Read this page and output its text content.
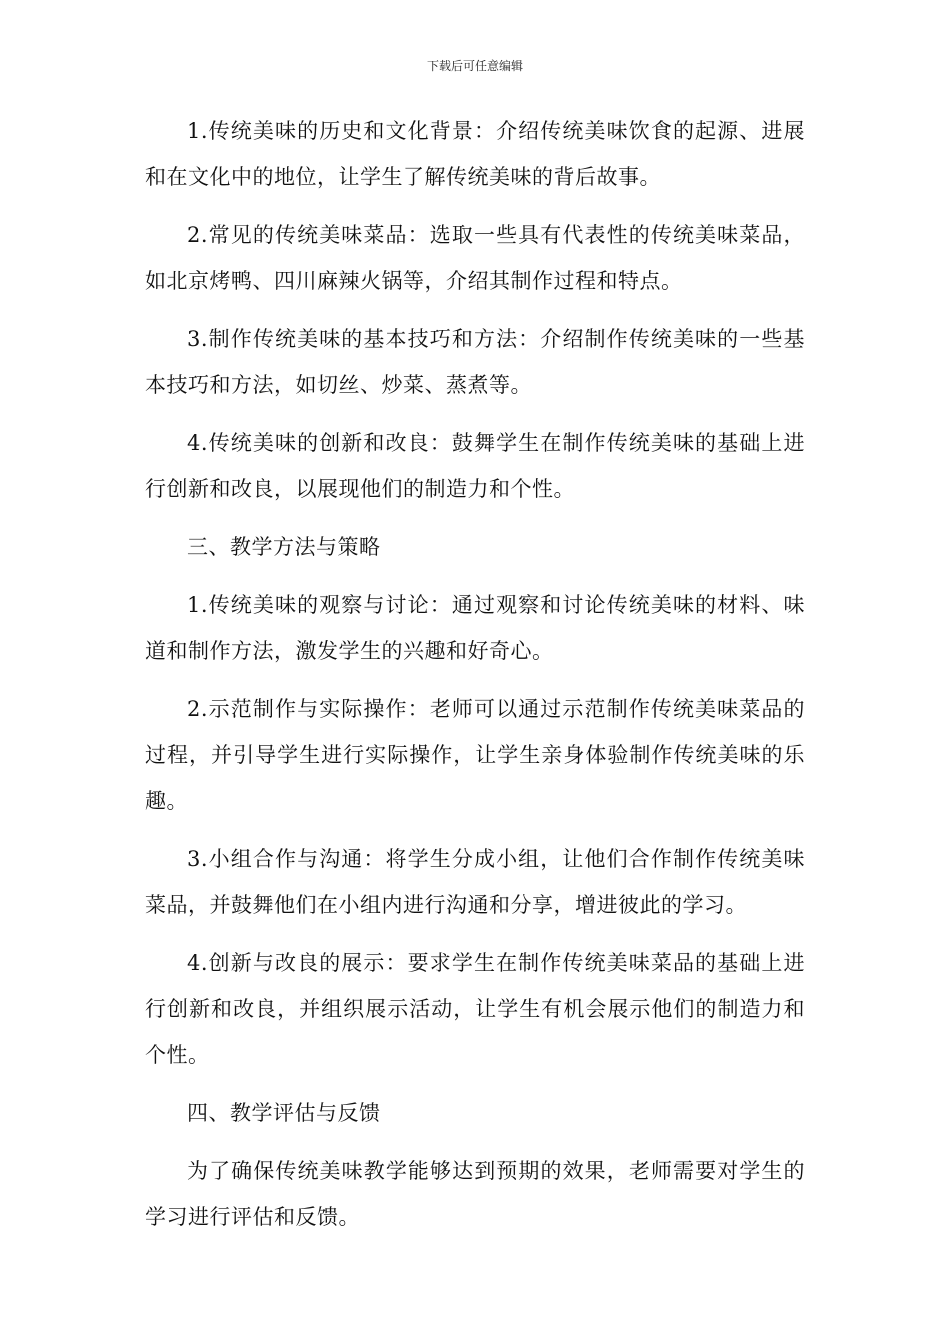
下载后可任意编辑

1.传统美味的历史和文化背景：介绍传统美味饮食的起源、进展和在文化中的地位，让学生了解传统美味的背后故事。

2.常见的传统美味菜品：选取一些具有代表性的传统美味菜品，如北京烤鸭、四川麻辣火锅等，介绍其制作过程和特点。

3.制作传统美味的基本技巧和方法：介绍制作传统美味的一些基本技巧和方法，如切丝、炒菜、蒸煮等。

4.传统美味的创新和改良：鼓舞学生在制作传统美味的基础上进行创新和改良，以展现他们的制造力和个性。

三、教学方法与策略

1.传统美味的观察与讨论：通过观察和讨论传统美味的材料、味道和制作方法，激发学生的兴趣和好奇心。

2.示范制作与实际操作：老师可以通过示范制作传统美味菜品的过程，并引导学生进行实际操作，让学生亲身体验制作传统美味的乐趣。

3.小组合作与沟通：将学生分成小组，让他们合作制作传统美味菜品，并鼓舞他们在小组内进行沟通和分享，增进彼此的学习。

4.创新与改良的展示：要求学生在制作传统美味菜品的基础上进行创新和改良，并组织展示活动，让学生有机会展示他们的制造力和个性。

四、教学评估与反馈

为了确保传统美味教学能够达到预期的效果，老师需要对学生的学习进行评估和反馈。
